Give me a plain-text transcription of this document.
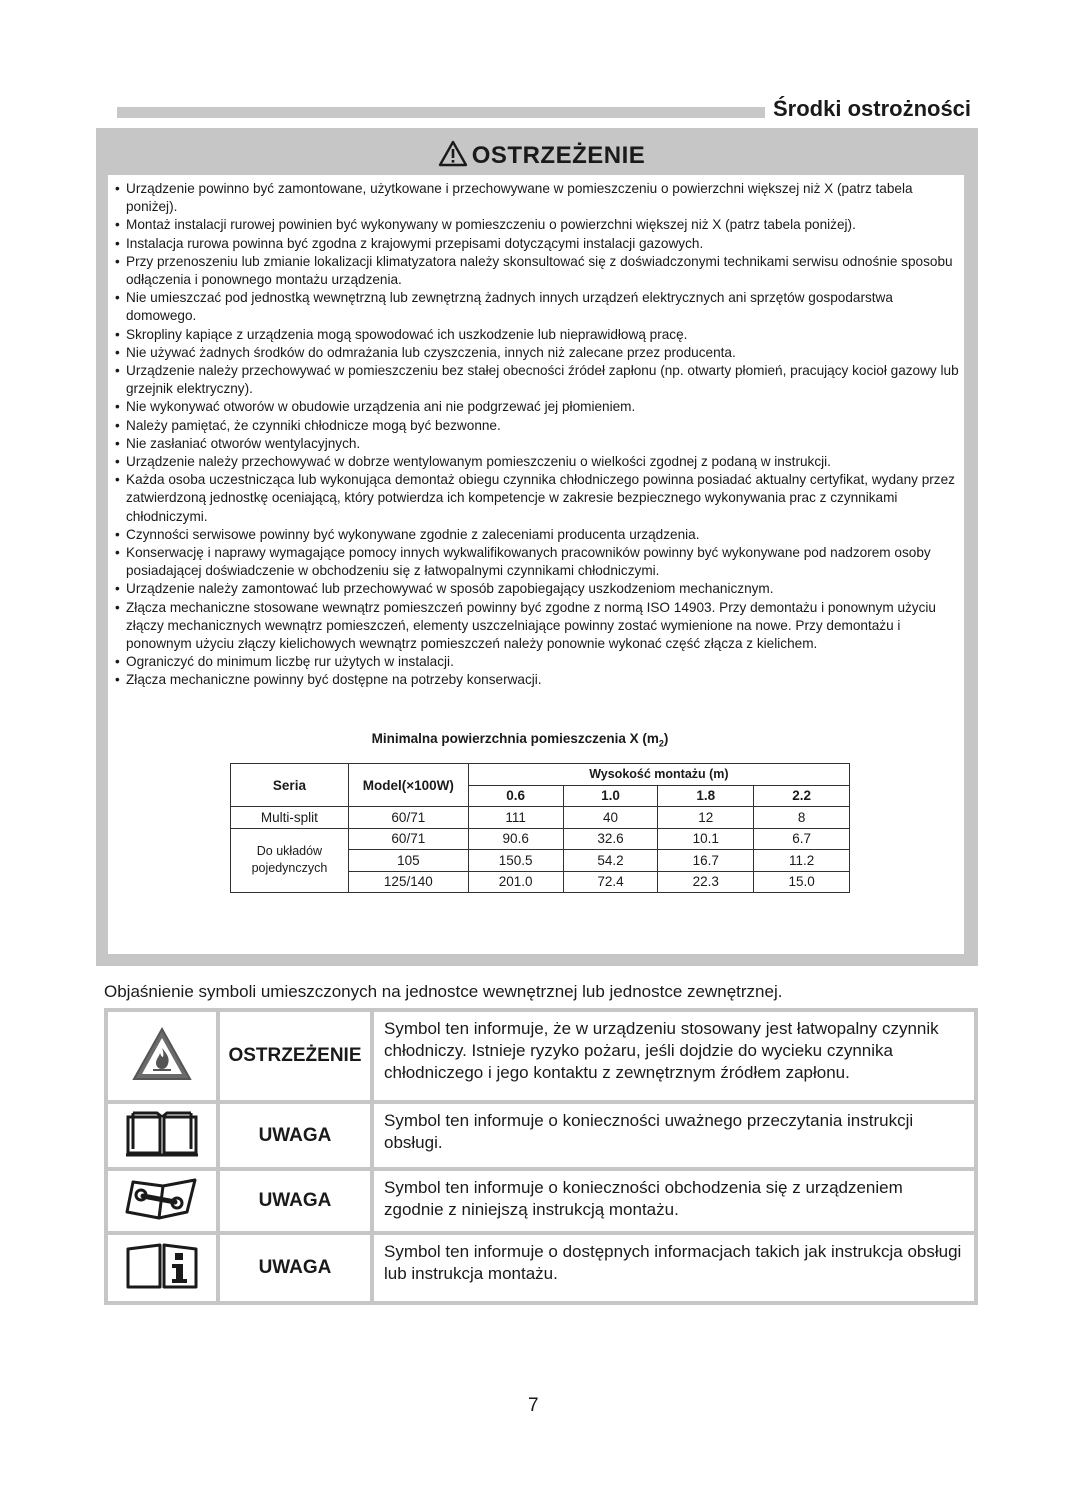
Środki ostrożności
OSTRZEŻENIE
• Urządzenie powinno być zamontowane, użytkowane i przechowywane w pomieszczeniu o powierzchni większej niż X (patrz tabela poniżej).
• Montaż instalacji rurowej powinien być wykonywany w pomieszczeniu o powierzchni większej niż X (patrz tabela poniżej).
• Instalacja rurowa powinna być zgodna z krajowymi przepisami dotyczącymi instalacji gazowych.
• Przy przenoszeniu lub zmianie lokalizacji klimatyzatora należy skonsultować się z doświadczonymi technikami serwisu odnośnie sposobu odłączenia i ponownego montażu urządzenia.
• Nie umieszczać pod jednostką wewnętrzną lub zewnętrzną żadnych innych urządzeń elektrycznych ani sprzętów gospodarstwa domowego.
• Skropliny kapiące z urządzenia mogą spowodować ich uszkodzenie lub nieprawidłową pracę.
• Nie używać żadnych środków do odmrażania lub czyszczenia, innych niż zalecane przez producenta.
• Urządzenie należy przechowywać w pomieszczeniu bez stałej obecności źródeł zapłonu (np. otwarty płomień, pracujący kocioł gazowy lub grzejnik elektryczny).
• Nie wykonywać otworów w obudowie urządzenia ani nie podgrzewać jej płomieniem.
• Należy pamiętać, że czynniki chłodnicze mogą być bezwonne.
• Nie zasłaniać otworów wentylacyjnych.
• Urządzenie należy przechowywać w dobrze wentylowanym pomieszczeniu o wielkości zgodnej z podaną w instrukcji.
• Każda osoba uczestnicząca lub wykonująca demontaż obiegu czynnika chłodniczego powinna posiadać aktualny certyfikat, wydany przez zatwierdzoną jednostkę oceniającą, który potwierdza ich kompetencje w zakresie bezpiecznego wykonywania prac z czynnikami chłodniczymi.
• Czynności serwisowe powinny być wykonywane zgodnie z zaleceniami producenta urządzenia.
• Konserwację i naprawy wymagające pomocy innych wykwalifikowanych pracowników powinny być wykonywane pod nadzorem osoby posiadającej doświadczenie w obchodzeniu się z łatwopalnymi czynnikami chłodniczymi.
• Urządzenie należy zamontować lub przechowywać w sposób zapobiegający uszkodzeniom mechanicznym.
• Złącza mechaniczne stosowane wewnątrz pomieszczeń powinny być zgodne z normą ISO 14903. Przy demontażu i ponownym użyciu złączy mechanicznych wewnątrz pomieszczeń, elementy uszczelniające powinny zostać wymienione na nowe. Przy demontażu i ponownym użyciu złączy kielichowych wewnątrz pomieszczeń należy ponownie wykonać część złącza z kielichem.
• Ograniczyć do minimum liczbę rur użytych w instalacji.
• Złącza mechaniczne powinny być dostępne na potrzeby konserwacji.
Minimalna powierzchnia pomieszczenia X $(m_2)$
Seria	Model(×100W)	Wysokość montażu (m)			
		0.6	1.0	1.8	2.2
Multi-split	60/71	111	40	12	8
Do układów pojedynczych	60/71	90.6	32.6	10.1	6.7
	105	150.5	54.2	16.7	11.2
	125/140	201.0	72.4	22.3	15.0
Objaśnienie symboli umieszczonych na jednostce wewnętrznej lub jednostce zewnętrznej.
	OSTRZEŻENIE	Symbol ten informuje, że w urządzeniu stosowany jest łatwopalny czynnik chłodniczy. Istnieje ryzyko pożaru, jeśli dojdzie do wycieku czynnika chłodniczego i jego kontaktu z zewnętrznym źródłem zapłonu.
	UWAGA	Symbol ten informuje o konieczności uważnego przeczytania instrukcji obsługi.
	UWAGA	Symbol ten informuje o konieczności obchodzenia się z urządzeniem zgodnie z niniejszą instrukcją montażu.
	UWAGA	Symbol ten informuje o dostępnych informacjach takich jak instrukcja obsługi lub instrukcja montażu.
7
